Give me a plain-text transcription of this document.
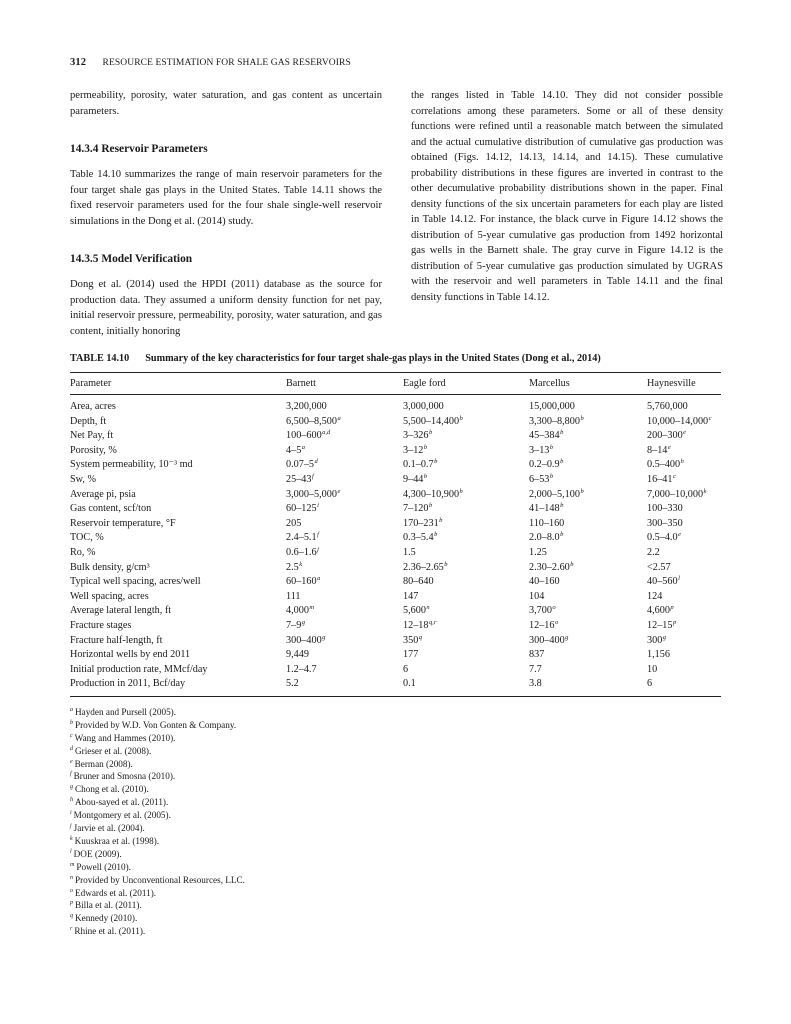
312 RESOURCE ESTIMATION FOR SHALE GAS RESERVOIRS

permeability, porosity, water saturation, and gas content as uncertain parameters.

14.3.4 Reservoir Parameters

Table 14.10 summarizes the range of main reservoir parameters for the four target shale gas plays in the United States. Table 14.11 shows the fixed reservoir parameters used for the four shale single-well reservoir simulations in the Dong et al. (2014) study.

14.3.5 Model Verification

Dong et al. (2014) used the HPDI (2011) database as the source for production data. They assumed a uniform density function for net pay, initial reservoir pressure, permeability, porosity, water saturation, and gas content, initially honoring

the ranges listed in Table 14.10. They did not consider possible correlations among these parameters. Some or all of these density functions were refined until a reasonable match between the simulated and the actual cumulative distribution of cumulative gas production was obtained (Figs. 14.12, 14.13, 14.14, and 14.15). These cumulative probability distributions in these figures are inverted in contrast to the other decumulative probability distributions shown in the paper. Final density functions of the six uncertain parameters for each play are listed in Table 14.12. For instance, the black curve in Figure 14.12 shows the distribution of 5-year cumulative gas production from 1492 horizontal gas wells in the Barnett shale. The gray curve in Figure 14.12 is the distribution of 5-year cumulative gas production simulated by UGRAS with the reservoir and well parameters in Table 14.11 and the final density functions in Table 14.12.

TABLE 14.10 Summary of the key characteristics for four target shale-gas plays in the United States (Dong et al., 2014)
Parameter	Barnett	Eagle ford	Marcellus	Haynesville
Area, acres	3,200,000	3,000,000	15,000,000	5,760,000
Depth, ft	6,500–8,500$^a$	5,500–14,400$^b$	3,300–8,800$^b$	10,000–14,000$^c$
Net Pay, ft	100–600$^{a,d}$	3–326$^b$	45–384$^b$	200–300e
Porosity, %	4–5$^a$	3–12$^b$	3–13$^b$	8–14e
System permeability, 10⁻³ md	0.07–5$^d$	0.1–0.7$^b$	0.2–0.9$^b$	0.5–400$^h$
Sw, %	25–43$^f$	9–44$^b$	6–53$^b$	16–41$^c$
Average pi, psia	3,000–5,000e	4,300–10,900$^b$	2,000–5,100$^b$	7,000–10,000$^k$
Gas content, scf/ton	60–125$^i$	7–120$^b$	41–148$^b$	100–330
Reservoir temperature, °F	205	170–231$^b$	110–160	300–350
TOC, %	2.4–5.1$^f$	0.3–5.4$^b$	2.0–8.0$^b$	0.5–4.0e
Ro, %	0.6–1.6$^j$	1.5	1.25	2.2
Bulk density, g/cm³	2.5$^k$	2.36–2.65$^b$	2.30–2.60$^b$	<2.57
Typical well spacing, acres/well	60–160$^a$	80–640	40–160	40–560$^l$
Well spacing, acres	111	147	104	124
Average lateral length, ft	4,000$^m$	5,600$^n$	3,700$^o$	4,600$^p$
Fracture stages	7–9$^g$	12–18$^{q,r}$	12–16$^o$	12–15$^p$
Fracture half-length, ft	300–400$^g$	350$^q$	300–400$^g$	300$^g$
Horizontal wells by end 2011	9,449	177	837	1,156
Initial production rate, MMcf/day	1.2–4.7	6	7.7	10
Production in 2011, Bcf/day	5.2	0.1	3.8	6
$^a$ Hayden and Pursell (2005).
$^b$ Provided by W.D. Von Gonten & Company.
$^c$ Wang and Hammes (2010).
$^d$ Grieser et al. (2008).
$^e$ Berman (2008).
$^f$ Bruner and Smosna (2010).
$^g$ Chong et al. (2010).
$^h$ Abou-sayed et al. (2011).
$^i$ Montgomery et al. (2005).
$^j$ Jarvie et al. (2004).
$^k$ Kuuskraa et al. (1998).
$^l$ DOE (2009).
$^m$ Powell (2010).
$^n$ Provided by Unconventional Resources, LLC.
$^o$ Edwards et al. (2011).
$^p$ Billa et al. (2011).
$^q$ Kennedy (2010).
$^r$ Rhine et al. (2011).
